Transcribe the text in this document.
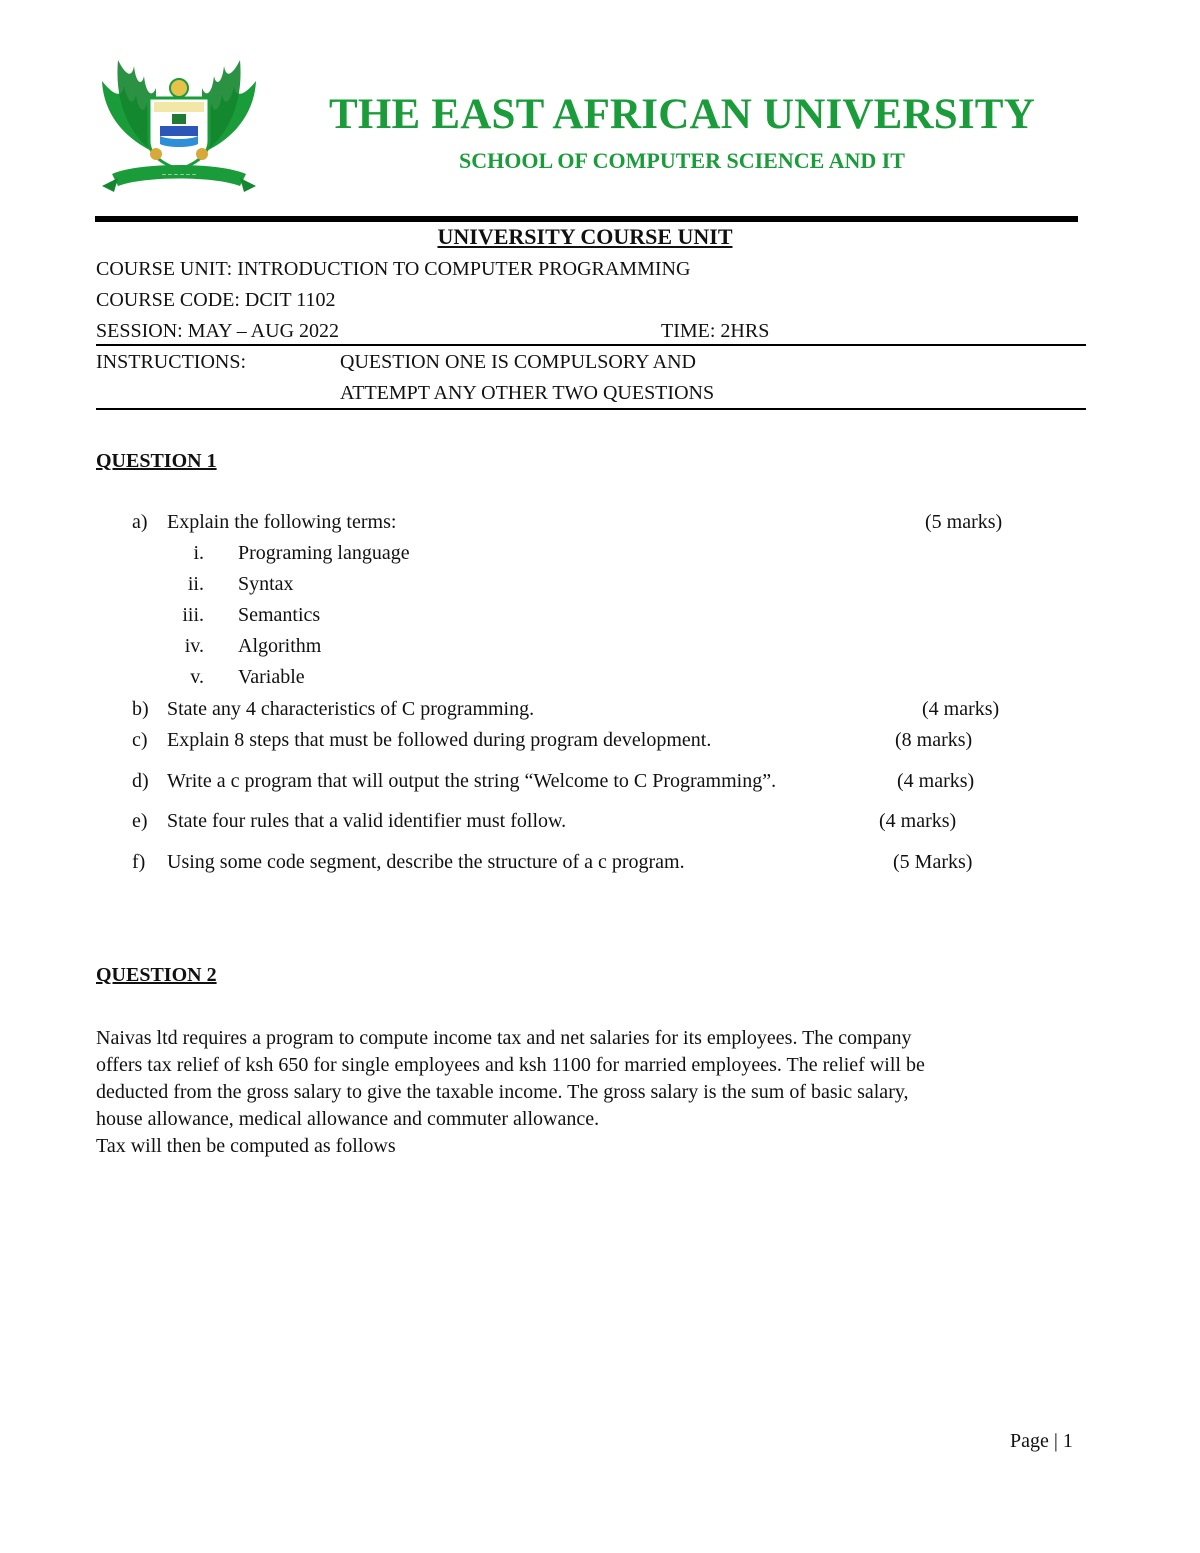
~ ~ ~ ~ ~ ~
THE EAST AFRICAN UNIVERSITY
SCHOOL OF COMPUTER SCIENCE AND IT
UNIVERSITY COURSE UNIT
COURSE UNIT: INTRODUCTION TO COMPUTER PROGRAMMING
COURSE CODE: DCIT 1102
SESSION: MAY – AUG 2022	TIME: 2HRS
INSTRUCTIONS:	QUESTION ONE IS COMPULSORY AND
ATTEMPT ANY OTHER TWO QUESTIONS
QUESTION 1
a) Explain the following terms:	(5 marks)
i. Programing language
ii. Syntax
iii. Semantics
iv. Algorithm
v. Variable
b) State any 4 characteristics of C programming.	(4 marks)
c) Explain 8 steps that must be followed during program development.	(8 marks)
d) Write a c program that will output the string “Welcome to C Programming”.	(4 marks)
e) State four rules that a valid identifier must follow.	(4 marks)
f) Using some code segment, describe the structure of a c program.	(5 Marks)
QUESTION 2

Naivas ltd requires a program to compute income tax and net salaries for its employees. The company

offers tax relief of ksh 650 for single employees and ksh 1100 for married employees. The relief will be

deducted from the gross salary to give the taxable income. The gross salary is the sum of basic salary,

house allowance, medical allowance and commuter allowance.

Tax will then be computed as follows

Page | 1
